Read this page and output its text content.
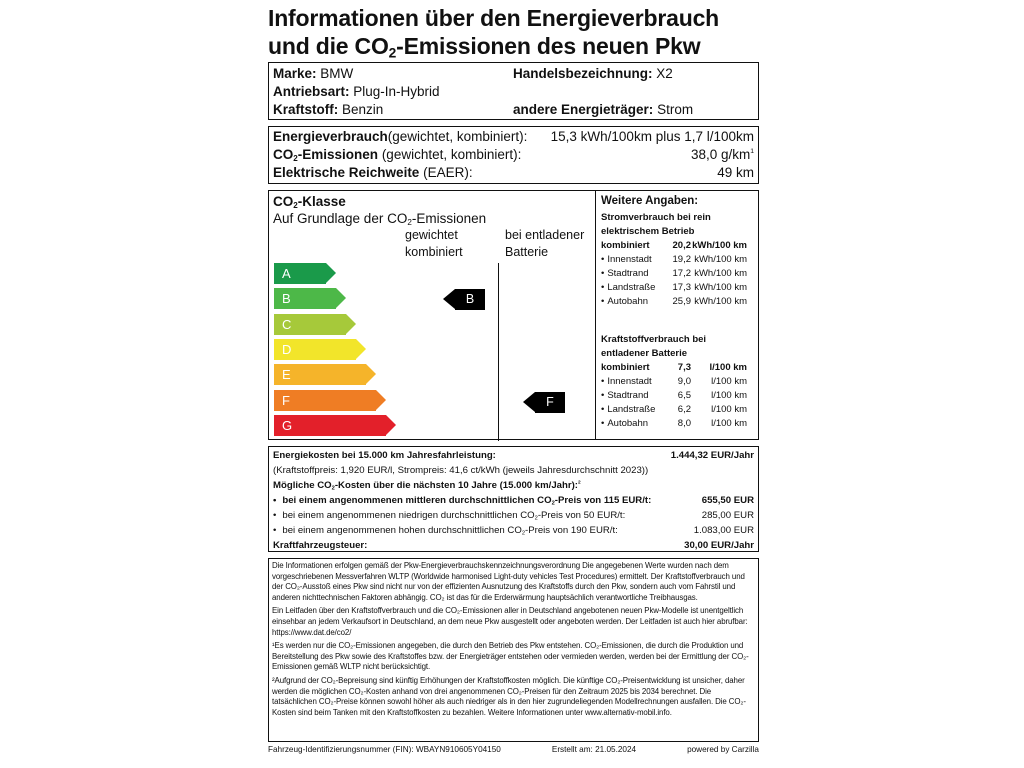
Informationen über den Energieverbrauch
und die $CO_2$-Emissionen des neuen Pkw
Marke: BMW	Handelsbezeichnung: X2
Antriebsart: Plug-In-Hybrid
Kraftstoff: Benzin	andere Energieträger: Strom
Energieverbrauch(gewichtet, kombiniert): 15,3 kWh/100km plus 1,7 l/100km
$CO_2$-Emissionen (gewichtet, kombiniert):	38,0 $g/km^1$
Elektrische Reichweite (EAER):	49 km
$CO_2$-Klasse
Auf Grundlage der $CO_2$-Emissionen
gewichtet
kombiniert
bei entladener
Batterie
A
B
C
D
E
F
G
B
F
Weitere Angaben:
Stromverbrauch bei rein
elektrischem Betrieb
kombiniert	20,2 kWh/100 km
• Innenstadt	19,2 kWh/100 km
• Stadtrand	17,2 kWh/100 km
• Landstraße	17,3 kWh/100 km
• Autobahn	25,9 kWh/100 km
Kraftstoffverbrauch bei
entladener Batterie
kombiniert	7,3	l/100 km
• Innenstadt	9,0	l/100 km
• Stadtrand	6,5	l/100 km
• Landstraße	6,2	l/100 km
• Autobahn	8,0	l/100 km
Energiekosten bei 15.000 km Jahresfahrleistung:	1.444,32 EUR/Jahr
(Kraftstoffpreis: 1,920 EUR/l, Strompreis: 41,6 ct/kWh (jeweils Jahresdurchschnitt 2023))
Mögliche $CO_2$-Kosten über die nächsten 10 Jahre (15.000 km/Jahr):$^2$
• bei einem angenommenen mittleren durchschnittlichen $CO_2$-Preis von 115 EUR/t:	655,50 EUR
• bei einem angenommenen niedrigen durchschnittlichen $CO_2$-Preis von 50 EUR/t:	285,00 EUR
• bei einem angenommenen hohen durchschnittlichen $CO_2$-Preis von 190 EUR/t:	1.083,00 EUR
Kraftfahrzeugsteuer:	30,00 EUR/Jahr

Die Informationen erfolgen gemäß der Pkw-Energieverbrauchskennzeichnungsverordnung Die angegebenen Werte wurden nach dem vorgeschriebenen Messverfahren WLTP (Worldwide harmonised Light-duty vehicles Test Procedures) ermittelt. Der Kraftstoffverbrauch und der CO₂-Ausstoß eines Pkw sind nicht nur von der effizienten Ausnutzung des Kraftstoffs durch den Pkw, sondern auch vom Fahrstil und anderen nichttechnischen Faktoren abhängig. CO₂ ist das für die Erderwärmung hauptsächlich verantwortliche Treibhausgas.

Ein Leitfaden über den Kraftstoffverbrauch und die CO₂-Emissionen aller in Deutschland angebotenen neuen Pkw-Modelle ist unentgeltlich einsehbar an jedem Verkaufsort in Deutschland, an dem neue Pkw ausgestellt oder angeboten werden. Der Leitfaden ist auch hier abrufbar: https://www.dat.de/co2/

¹Es werden nur die CO₂-Emissionen angegeben, die durch den Betrieb des Pkw entstehen. CO₂-Emissionen, die durch die Produktion und Bereitstellung des Pkw sowie des Kraftstoffes bzw. der Energieträger entstehen oder vermieden werden, werden bei der Ermittlung der CO₂-Emissionen gemäß WLTP nicht berücksichtigt.

²Aufgrund der CO₂-Bepreisung sind künftig Erhöhungen der Kraftstoffkosten möglich. Die künftige CO₂-Preisentwicklung ist unsicher, daher werden die möglichen CO₂-Kosten anhand von drei angenommenen CO₂-Preisen für den Zeitraum 2025 bis 2034 berechnet. Die tatsächlichen CO₂-Preise können sowohl höher als auch niedriger als in den hier zugrundeliegenden Modellrechnungen ausfallen. Die CO₂-Kosten sind beim Tanken mit den Kraftstoffkosten zu bezahlen. Weitere Informationen unter www.alternativ-mobil.info.

Fahrzeug-Identifizierungsnummer (FIN): WBAYN910605Y04150	Erstellt am: 21.05.2024	powered by Carzilla
